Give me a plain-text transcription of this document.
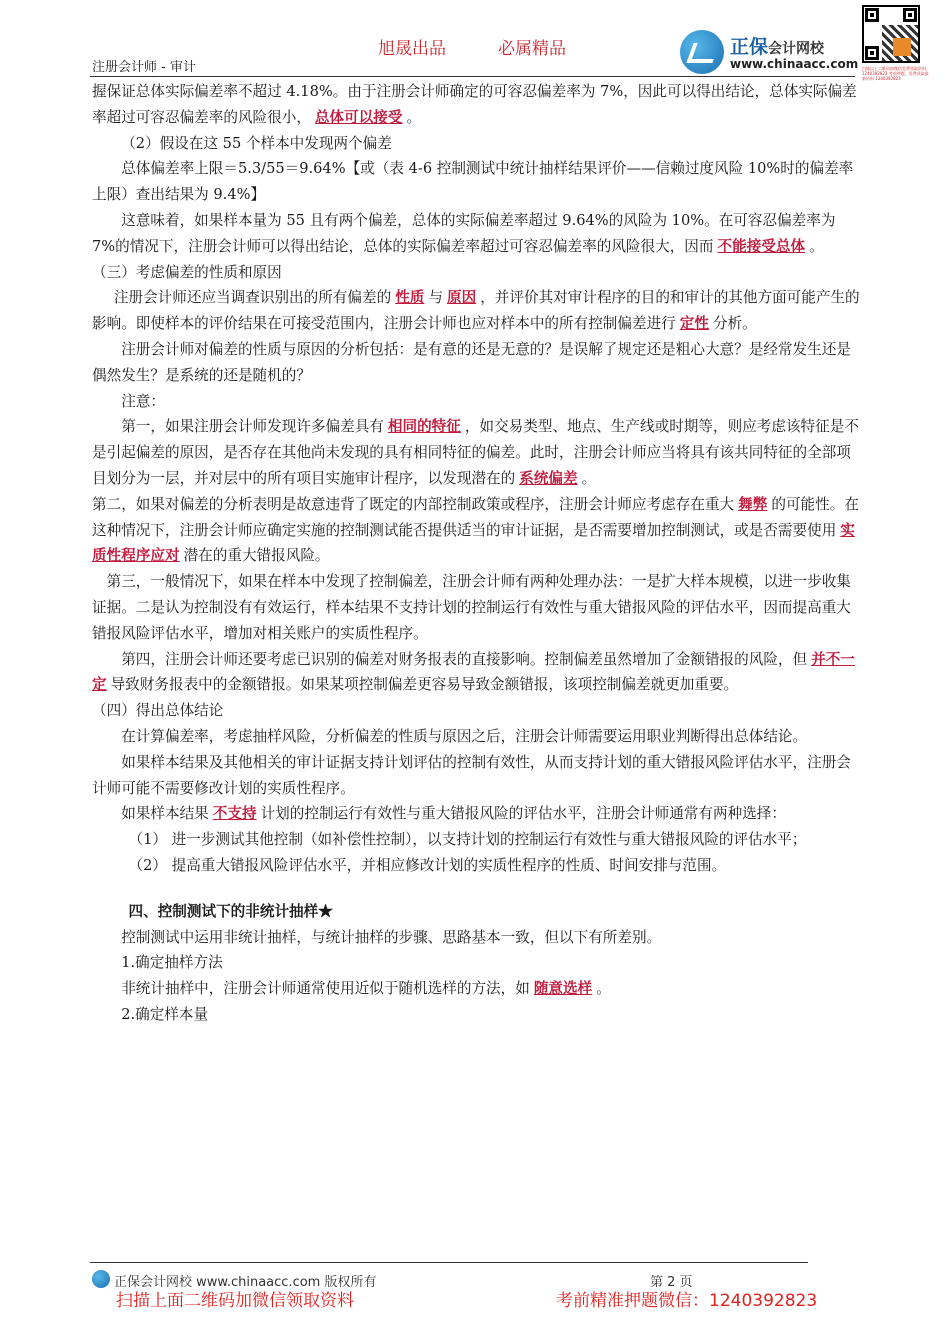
旭晟出品	必属精品
注册会计师 - 审计
正保会计网校
www.chinaacc.com 扫描以上二维码加微信免费领取资料，1240392823 考前押题，免费获取最新资料 1240392823

握保证总体实际偏差率不超过 4.18%。由于注册会计师确定的可容忍偏差率为 7%，因此可以得出结论，总体实际偏差率超过可容忍偏差率的风险很小， 总体可以接受 。

（2）假设在这 55 个样本中发现两个偏差

总体偏差率上限＝5.3/55＝9.64%【或（表 4-6 控制测试中统计抽样结果评价——信赖过度风险 10%时的偏差率上限）查出结果为 9.4%】

这意味着，如果样本量为 55 且有两个偏差，总体的实际偏差率超过 9.64%的风险为 10%。在可容忍偏差率为 7%的情况下，注册会计师可以得出结论，总体的实际偏差率超过可容忍偏差率的风险很大，因而 不能接受总体 。

（三）考虑偏差的性质和原因

注册会计师还应当调查识别出的所有偏差的 性质 与 原因 ，并评价其对审计程序的目的和审计的其他方面可能产生的影响。即使样本的评价结果在可接受范围内，注册会计师也应对样本中的所有控制偏差进行 定性 分析。

注册会计师对偏差的性质与原因的分析包括：是有意的还是无意的？是误解了规定还是粗心大意？是经常发生还是偶然发生？是系统的还是随机的？

注意：

第一，如果注册会计师发现许多偏差具有 相同的特征 ，如交易类型、地点、生产线或时期等，则应考虑该特征是不是引起偏差的原因，是否存在其他尚未发现的具有相同特征的偏差。此时，注册会计师应当将具有该共同特征的全部项目划分为一层，并对层中的所有项目实施审计程序，以发现潜在的 系统偏差 。

第二，如果对偏差的分析表明是故意违背了既定的内部控制政策或程序，注册会计师应考虑存在重大 舞弊 的可能性。在这种情况下，注册会计师应确定实施的控制测试能否提供适当的审计证据，是否需要增加控制测试，或是否需要使用 实质性程序应对 潜在的重大错报风险。

第三，一般情况下，如果在样本中发现了控制偏差，注册会计师有两种处理办法：一是扩大样本规模，以进一步收集证据。二是认为控制没有有效运行，样本结果不支持计划的控制运行有效性与重大错报风险的评估水平，因而提高重大错报风险评估水平，增加对相关账户的实质性程序。

第四，注册会计师还要考虑已识别的偏差对财务报表的直接影响。控制偏差虽然增加了金额错报的风险，但 并不一定 导致财务报表中的金额错报。如果某项控制偏差更容易导致金额错报，该项控制偏差就更加重要。

（四）得出总体结论

在计算偏差率，考虑抽样风险，分析偏差的性质与原因之后，注册会计师需要运用职业判断得出总体结论。

如果样本结果及其他相关的审计证据支持计划评估的控制有效性，从而支持计划的重大错报风险评估水平，注册会计师可能不需要修改计划的实质性程序。

如果样本结果 不支持 计划的控制运行有效性与重大错报风险的评估水平，注册会计师通常有两种选择：

（1） 进一步测试其他控制（如补偿性控制），以支持计划的控制运行有效性与重大错报风险的评估水平；

（2） 提高重大错报风险评估水平，并相应修改计划的实质性程序的性质、时间安排与范围。

四、控制测试下的非统计抽样★

控制测试中运用非统计抽样，与统计抽样的步骤、思路基本一致，但以下有所差别。

1.确定抽样方法

非统计抽样中，注册会计师通常使用近似于随机选样的方法，如 随意选样 。

2.确定样本量

正保会计网校 www.chinaacc.com 版权所有	第 2 页
扫描上面二维码加微信领取资料	考前精准押题微信：1240392823
